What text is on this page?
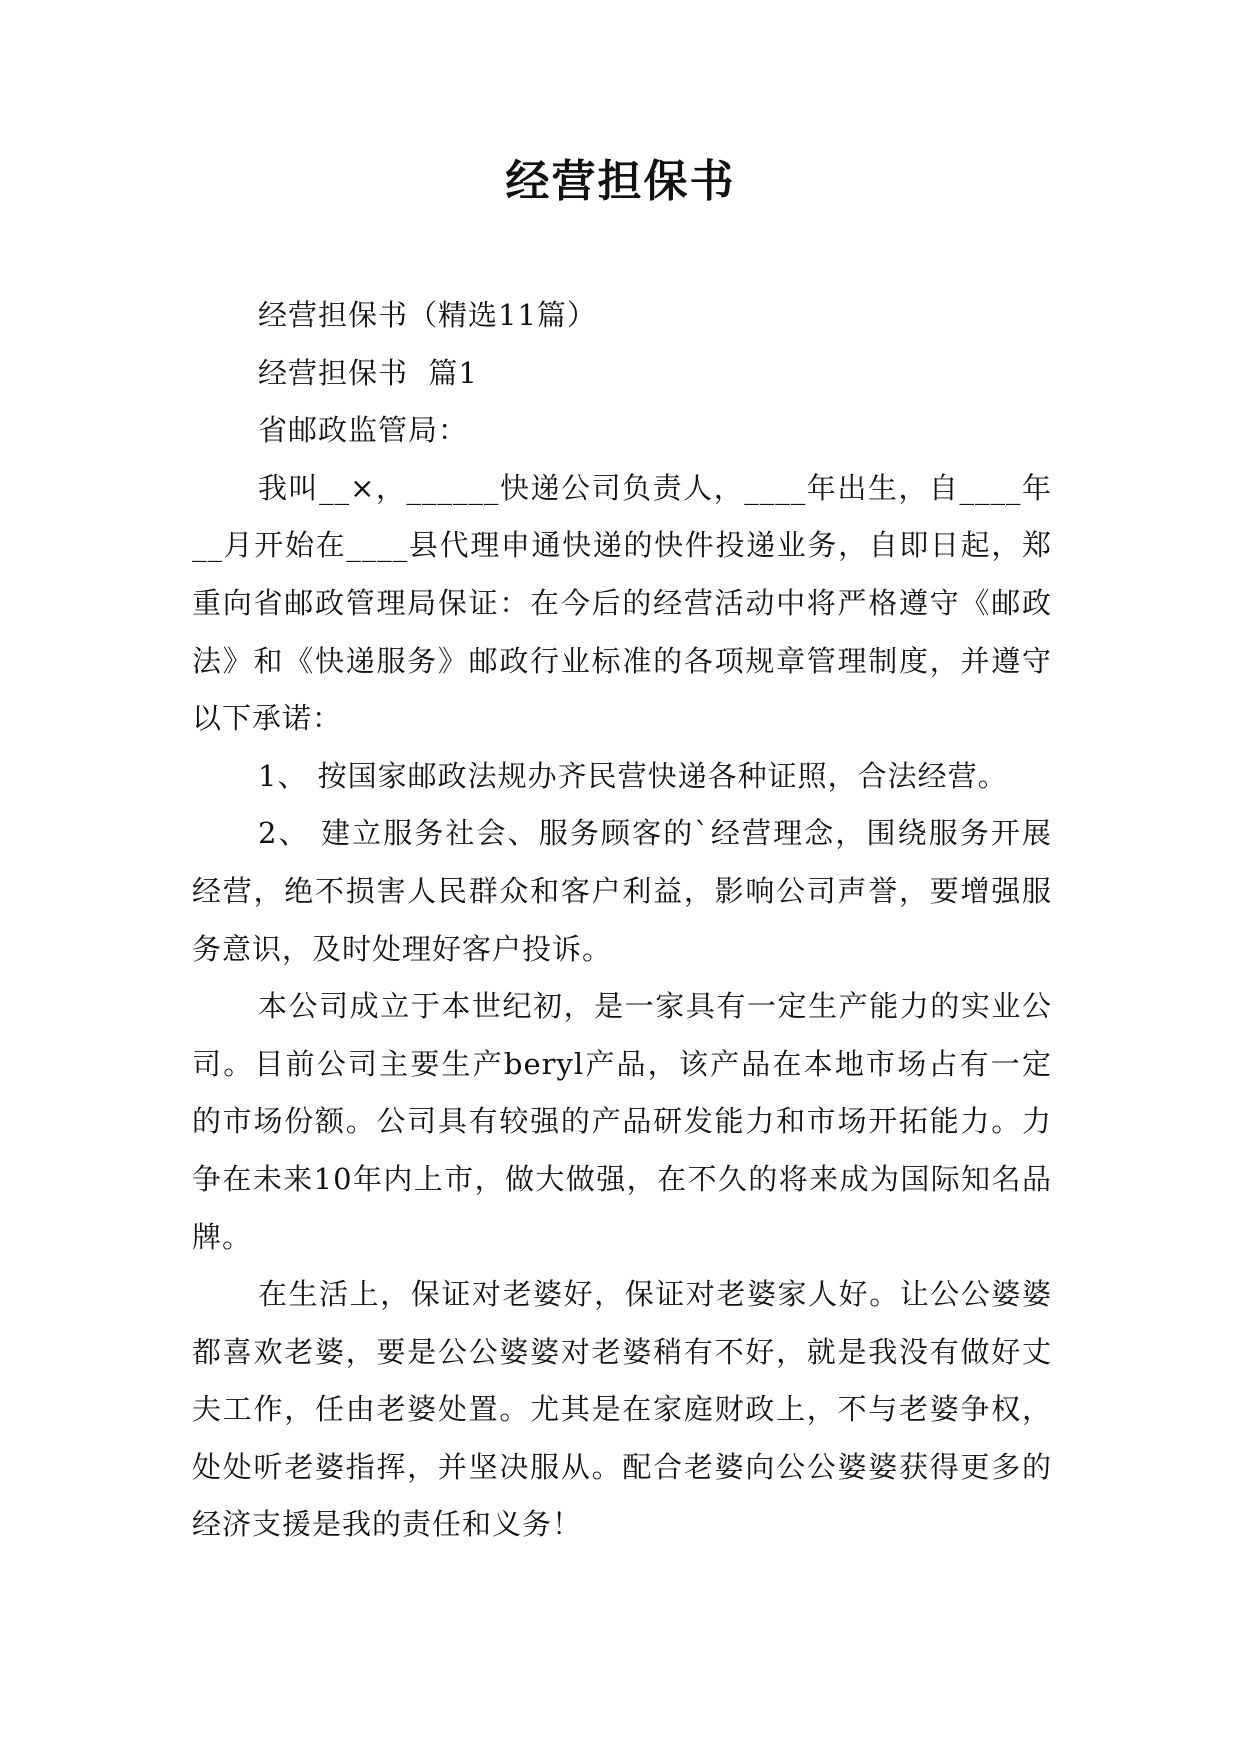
经营担保书

经营担保书（精选11篇）

经营担保书  篇1

省邮政监管局：

我叫__×，______快递公司负责人，____年出生，自____年__月开始在____县代理申通快递的快件投递业务，自即日起，郑重向省邮政管理局保证：在今后的经营活动中将严格遵守《邮政法》和《快递服务》邮政行业标准的各项规章管理制度，并遵守以下承诺：

1、 按国家邮政法规办齐民营快递各种证照，合法经营。

2、 建立服务社会、服务顾客的`经营理念，围绕服务开展经营，绝不损害人民群众和客户利益，影响公司声誉，要增强服务意识，及时处理好客户投诉。

本公司成立于本世纪初，是一家具有一定生产能力的实业公司。目前公司主要生产beryl产品，该产品在本地市场占有一定的市场份额。公司具有较强的产品研发能力和市场开拓能力。力争在未来10年内上市，做大做强，在不久的将来成为国际知名品牌。

在生活上，保证对老婆好，保证对老婆家人好。让公公婆婆都喜欢老婆，要是公公婆婆对老婆稍有不好，就是我没有做好丈夫工作，任由老婆处置。尤其是在家庭财政上，不与老婆争权，处处听老婆指挥，并坚决服从。配合老婆向公公婆婆获得更多的经济支援是我的责任和义务！
